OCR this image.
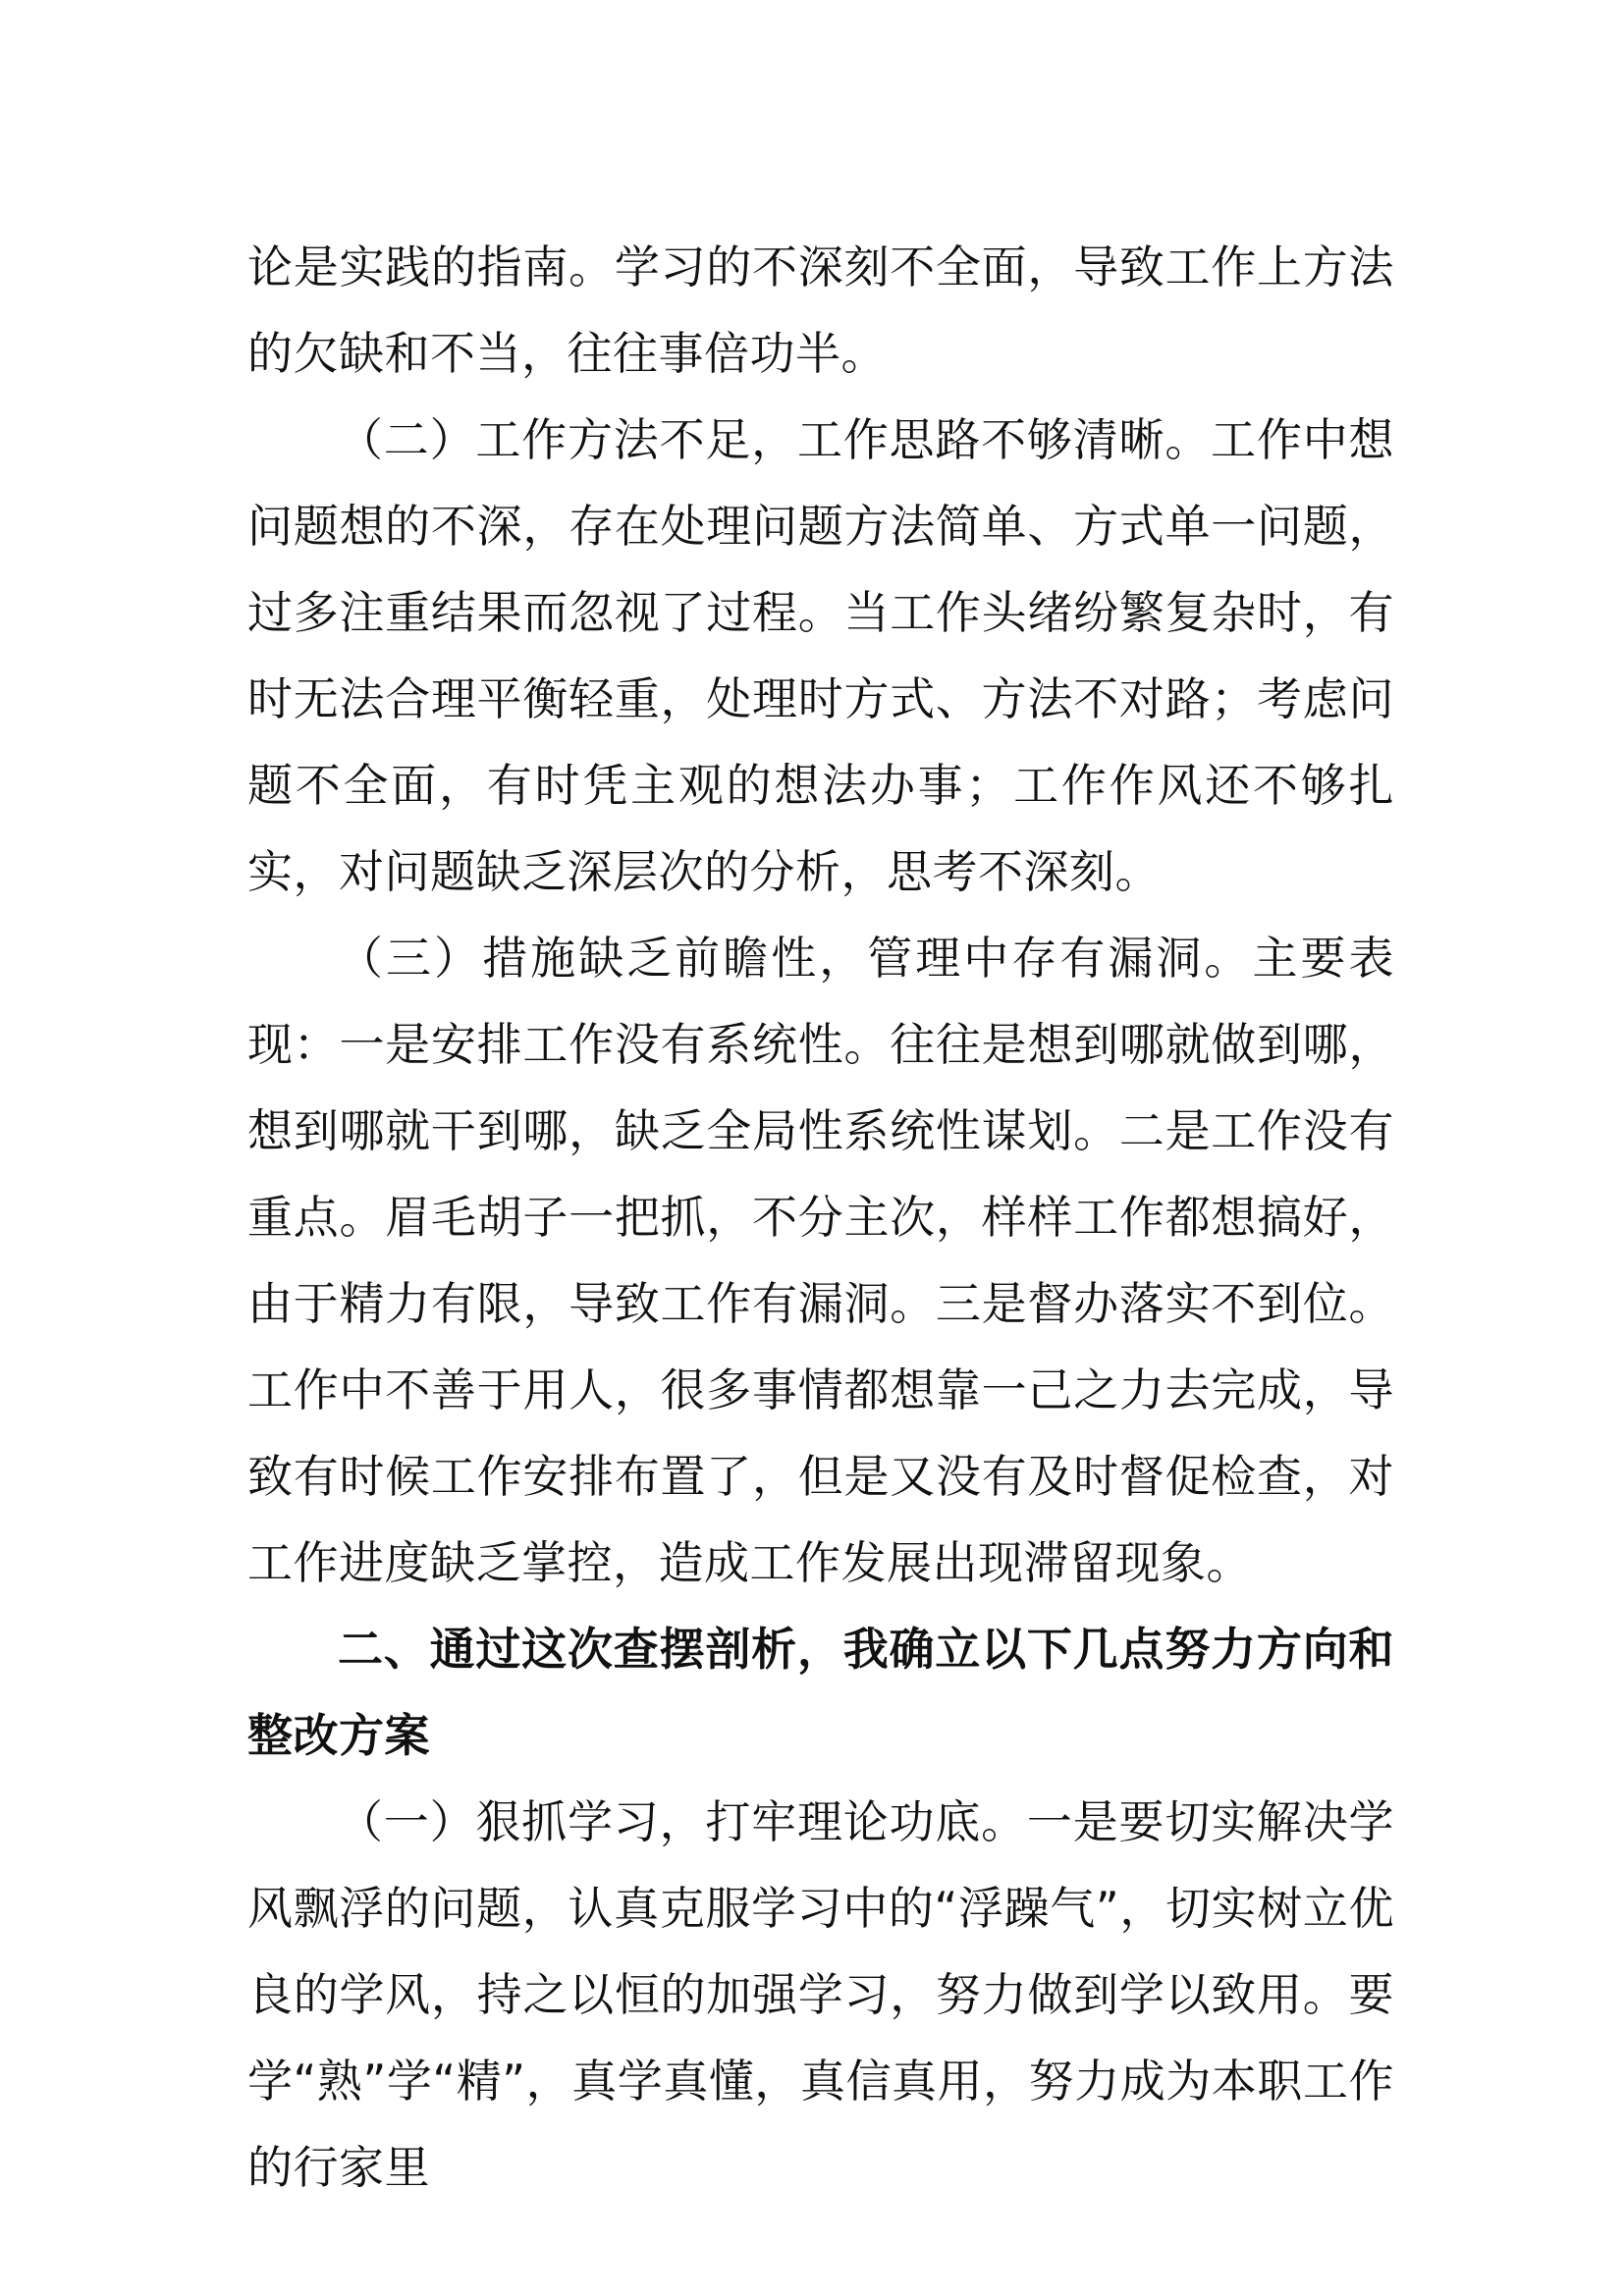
论是实践的指南。学习的不深刻不全面，导致工作上方法的欠缺和不当，往往事倍功半。

（二）工作方法不足，工作思路不够清晰。工作中想问题想的不深，存在处理问题方法简单、方式单一问题，过多注重结果而忽视了过程。当工作头绪纷繁复杂时，有时无法合理平衡轻重，处理时方式、方法不对路；考虑问题不全面，有时凭主观的想法办事；工作作风还不够扎实，对问题缺乏深层次的分析，思考不深刻。

（三）措施缺乏前瞻性，管理中存有漏洞。主要表现：一是安排工作没有系统性。往往是想到哪就做到哪，想到哪就干到哪，缺乏全局性系统性谋划。二是工作没有重点。眉毛胡子一把抓，不分主次，样样工作都想搞好，由于精力有限，导致工作有漏洞。三是督办落实不到位。工作中不善于用人，很多事情都想靠一己之力去完成，导致有时候工作安排布置了，但是又没有及时督促检查，对工作进度缺乏掌控，造成工作发展出现滞留现象。

二、通过这次查摆剖析，我确立以下几点努力方向和整改方案

（一）狠抓学习，打牢理论功底。一是要切实解决学风飘浮的问题，认真克服学习中的“浮躁气”，切实树立优良的学风，持之以恒的加强学习，努力做到学以致用。要学“熟”学“精”，真学真懂，真信真用，努力成为本职工作的行家里
